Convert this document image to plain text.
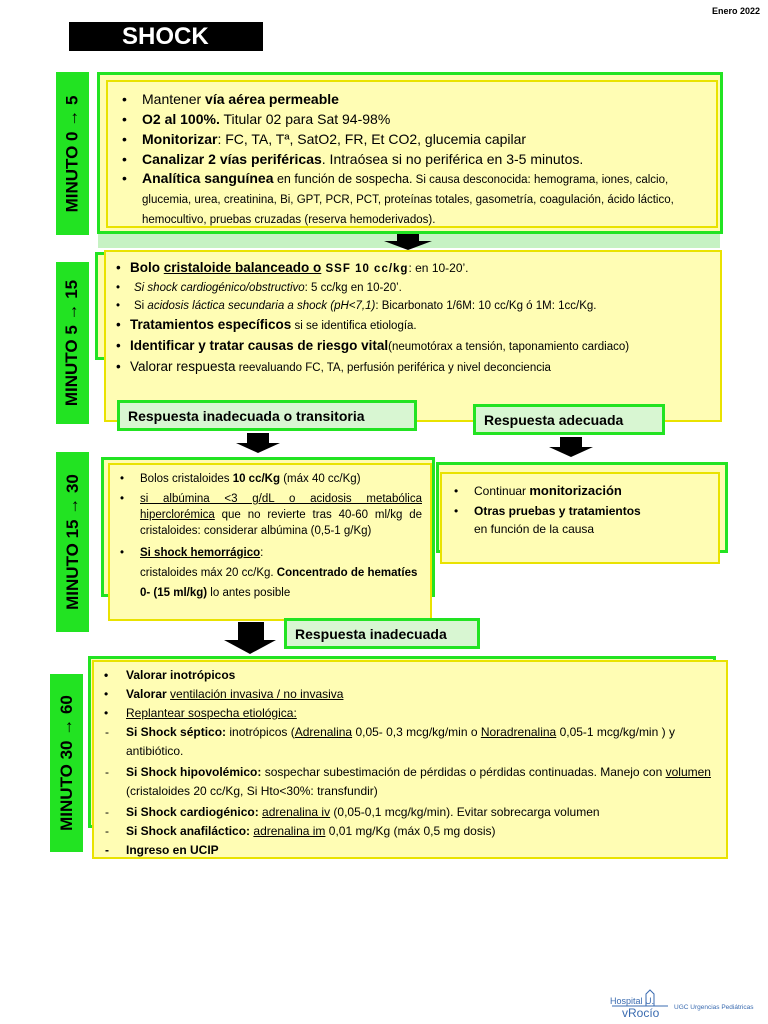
Enero 2022
SHOCK
MINUTO 0 → 5	• Mantener vía aérea permeable
• O2 al 100%. Titular 02 para Sat 94-98%
• Monitorizar: FC, TA, Tª, SatO2, FR, Et CO2, glucemia capilar
• Canalizar 2 vías periféricas. Intraósea si no periférica en 3-5 minutos.
• Analítica sanguínea en función de sospecha. Si causa desconocida: hemograma, iones, calcio, glucemia, urea, creatinina, Bi, GPT, PCR, PCT, proteínas totales, gasometría, coagulación, ácido láctico, hemocultivo, pruebas cruzadas (reserva hemoderivados).
MINUTO 5 → 15
• Bolo cristaloide balanceado o SSF 10 cc/kg: en 10-20’.
• Si shock cardiogénico/obstructivo: 5 cc/kg en 10-20’.
• Si acidosis láctica secundaria a shock (pH<7,1): Bicarbonato 1/6M: 10 cc/Kg ó 1M: 1cc/Kg.
• Tratamientos específicos si se identifica etiología.
• Identificar y tratar causas de riesgo vital(neumotórax a tensión, taponamiento cardiaco)
• Valorar respuesta reevaluando FC, TA, perfusión periférica y nivel deconciencia
Respuesta inadecuada o transitoria	Respuesta adecuada
MINUTO 15 → 30	• Bolos cristaloides 10 cc/Kg (máx 40 cc/Kg)
• si albúmina <3 g/dL o acidosis metabólica hiperclorémica que no revierte tras 40-60 ml/kg de cristaloides: considerar albúmina (0,5-1 g/Kg)
• Si shock hemorrágico:
cristaloides máx 20 cc/Kg. Concentrado de hematíes 0- (15 ml/kg) lo antes posible
• Continuar monitorización
• Otras pruebas y tratamientos
en función de la causa
Respuesta inadecuada
MINUTO 30 → 60
• Valorar inotrópicos
• Valorar ventilación invasiva / no invasiva
• Replantear sospecha etiológica:
- Si Shock séptico: inotrópicos (Adrenalina 0,05- 0,3 mcg/kg/min o Noradrenalina 0,05-1 mcg/kg/min ) y antibiótico.
- Si Shock hipovolémico: sospechar subestimación de pérdidas o pérdidas continuadas. Manejo con volumen (cristaloides 20 cc/Kg, Si Hto<30%: transfundir)
- Si Shock cardiogénico: adrenalina iv (0,05-0,1 mcg/kg/min). Evitar sobrecarga volumen
- Si Shock anafiláctico: adrenalina im 0,01 mg/Kg (máx 0,5 mg dosis)
- Ingreso en UCIP
Hospital U.
vRocío UGC Urgencias Pediátricas
